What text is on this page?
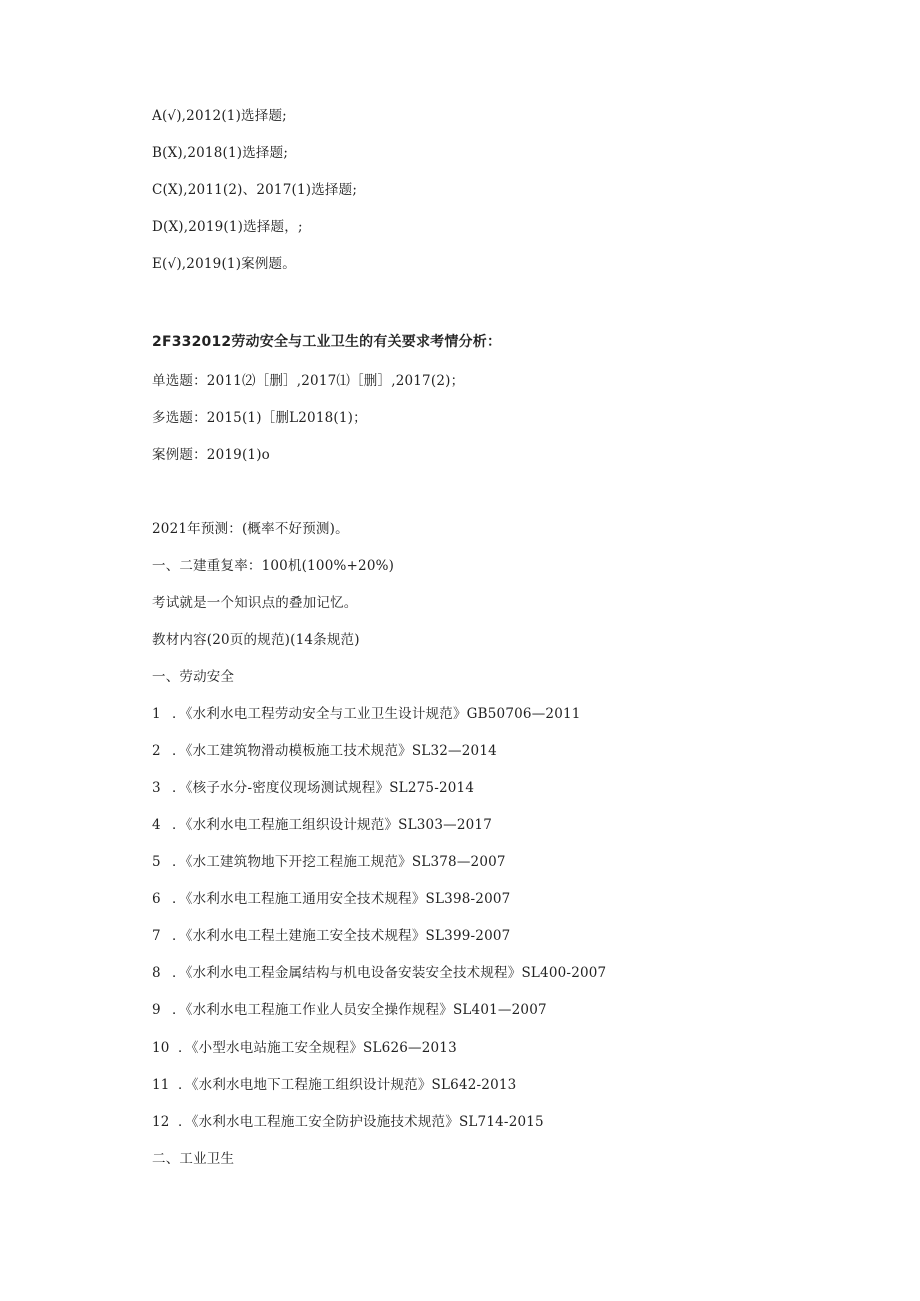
A(√),2012(1)选择题;
B(X),2018(1)选择题;
C(X),2011(2)、2017(1)选择题;
D(X),2019(1)选择题，;
E(√),2019(1)案例题。
2F332012劳动安全与工业卫生的有关要求考情分析：
单选题：2011⑵［删］,2017⑴［删］,2017(2)；
多选题：2015(1)［删L2018(1)；
案例题：2019(1)o
2021年预测：(概率不好预测)。
一、二建重复率：100机(100%+20%)
考试就是一个知识点的叠加记忆。
教材内容(20页的规范)(14条规范)
一、劳动安全
1 ．《水利水电工程劳动安全与工业卫生设计规范》GB50706—2011
2 ．《水工建筑物滑动模板施工技术规范》SL32—2014
3 ．《核子水分-密度仪现场测试规程》SL275-2014
4 ．《水利水电工程施工组织设计规范》SL303—2017
5 ．《水工建筑物地下开挖工程施工规范》SL378—2007
6 ．《水利水电工程施工通用安全技术规程》SL398-2007
7 ．《水利水电工程土建施工安全技术规程》SL399-2007
8 ．《水利水电工程金属结构与机电设备安装安全技术规程》SL400-2007
9 ．《水利水电工程施工作业人员安全操作规程》SL401—2007
10 ．《小型水电站施工安全规程》SL626—2013
11 ．《水利水电地下工程施工组织设计规范》SL642-2013
12 ．《水利水电工程施工安全防护设施技术规范》SL714-2015
二、工业卫生
